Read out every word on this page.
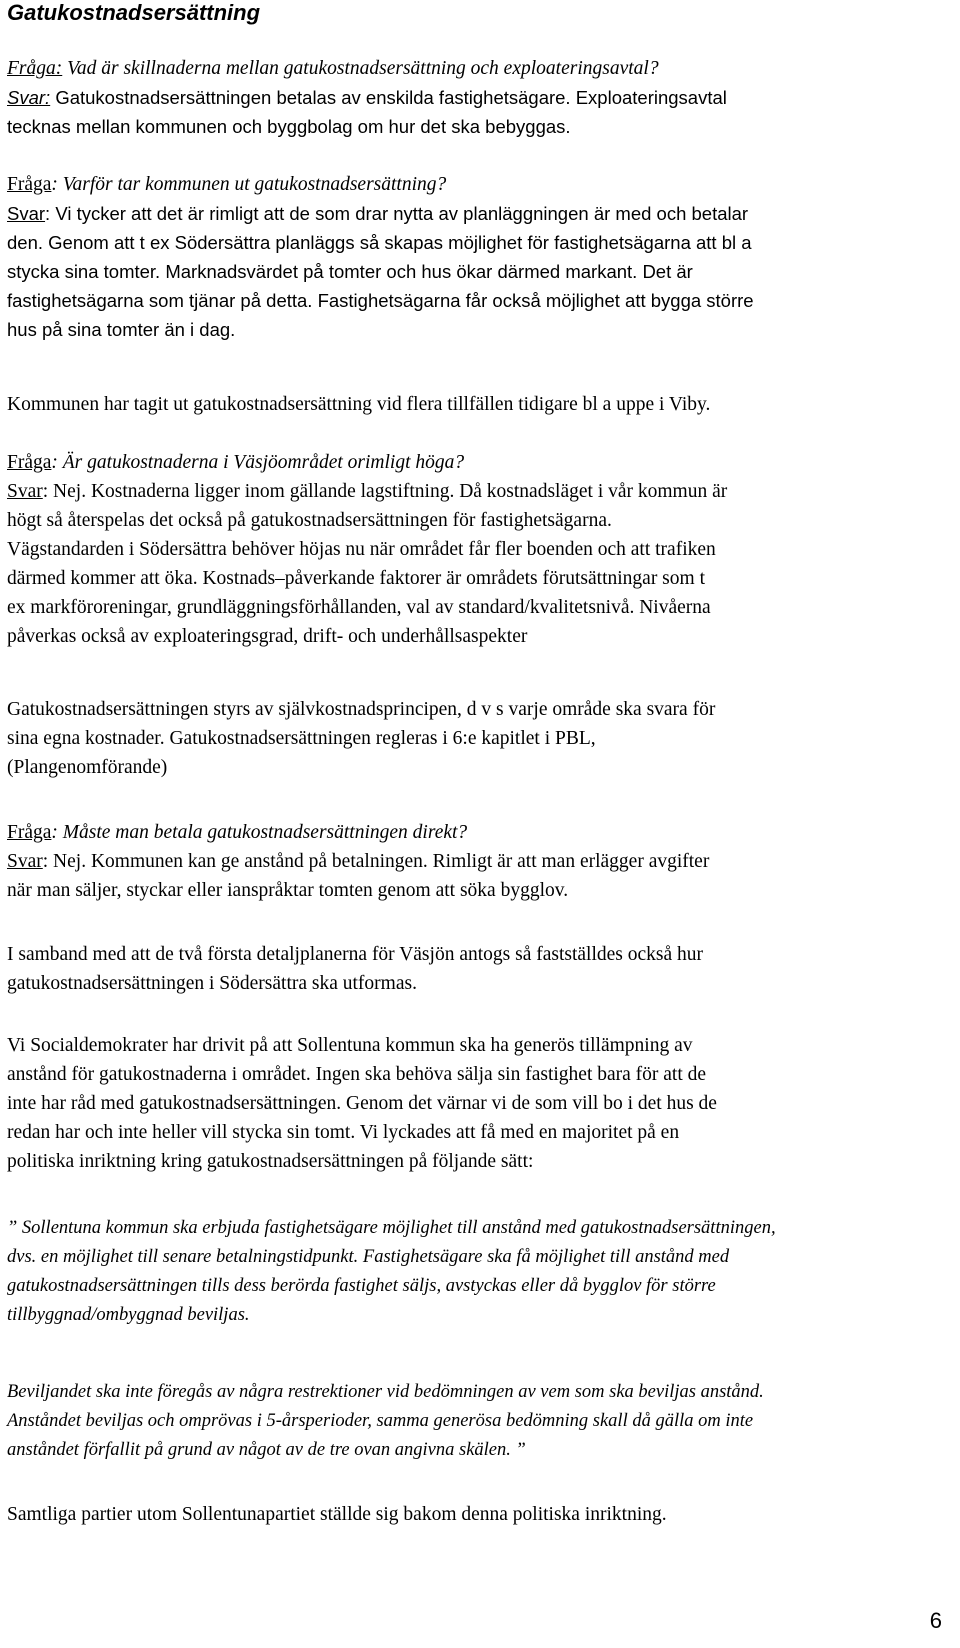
Gatukostnadsersättning
Fråga: Vad är skillnaderna mellan gatukostnadsersättning och exploateringsavtal?
Svar: Gatukostnadsersättningen betalas av enskilda fastighetsägare. Exploateringsavtal
tecknas mellan kommunen och byggbolag om hur det ska bebyggas.
Fråga: Varför tar kommunen ut gatukostnadsersättning?
Svar: Vi tycker att det är rimligt att de som drar nytta av planläggningen är med och betalar
den. Genom att t ex Södersättra planläggs så skapas möjlighet för fastighetsägarna att bl a
stycka sina tomter. Marknadsvärdet på tomter och hus ökar därmed markant. Det är
fastighetsägarna som tjänar på detta. Fastighetsägarna får också möjlighet att bygga större
hus på sina tomter än i dag.
Kommunen har tagit ut gatukostnadsersättning vid flera tillfällen tidigare bl a uppe i Viby.
Fråga: Är gatukostnaderna i Väsjöområdet orimligt höga?
Svar: Nej. Kostnaderna ligger inom gällande lagstiftning. Då kostnadsläget i vår kommun är
högt så återspelas det också på gatukostnadsersättningen för fastighetsägarna.
Vägstandarden i Södersättra behöver höjas nu när området får fler boenden och att trafiken
därmed kommer att öka. Kostnads–påverkande faktorer är områdets förutsättningar som t
ex markföroreningar, grundläggningsförhållanden, val av standard/kvalitetsnivå. Nivåerna
påverkas också av exploateringsgrad, drift- och underhållsaspekter
Gatukostnadsersättningen styrs av självkostnadsprincipen, d v s varje område ska svara för
sina egna kostnader. Gatukostnadsersättningen regleras i 6:e kapitlet i PBL,
(Plangenomförande)
Fråga: Måste man betala gatukostnadsersättningen direkt?
Svar: Nej. Kommunen kan ge anstånd på betalningen. Rimligt är att man erlägger avgifter
när man säljer, styckar eller ianspråktar tomten genom att söka bygglov.
I samband med att de två första detaljplanerna för Väsjön antogs så fastställdes också hur
gatukostnadsersättningen i Södersättra ska utformas.
Vi Socialdemokrater har drivit på att Sollentuna kommun ska ha generös tillämpning av
anstånd för gatukostnaderna i området. Ingen ska behöva sälja sin fastighet bara för att de
inte har råd med gatukostnadsersättningen. Genom det värnar vi de som vill bo i det hus de
redan har och inte heller vill stycka sin tomt. Vi lyckades att få med en majoritet på en
politiska inriktning kring gatukostnadsersättningen på följande sätt:
” Sollentuna kommun ska erbjuda fastighetsägare möjlighet till anstånd med gatukostnadsersättningen,
dvs. en möjlighet till senare betalningstidpunkt. Fastighetsägare ska få möjlighet till anstånd med
gatukostnadsersättningen tills dess berörda fastighet säljs, avstyckas eller då bygglov för större
tillbyggnad/ombyggnad beviljas.
Beviljandet ska inte föregås av några restrektioner vid bedömningen av vem som ska beviljas anstånd.
Anståndet beviljas och omprövas i 5-årsperioder, samma generösa bedömning skall då gälla om inte
anståndet förfallit på grund av något av de tre ovan angivna skälen. ”
Samtliga partier utom Sollentunapartiet ställde sig bakom denna politiska inriktning.
6
